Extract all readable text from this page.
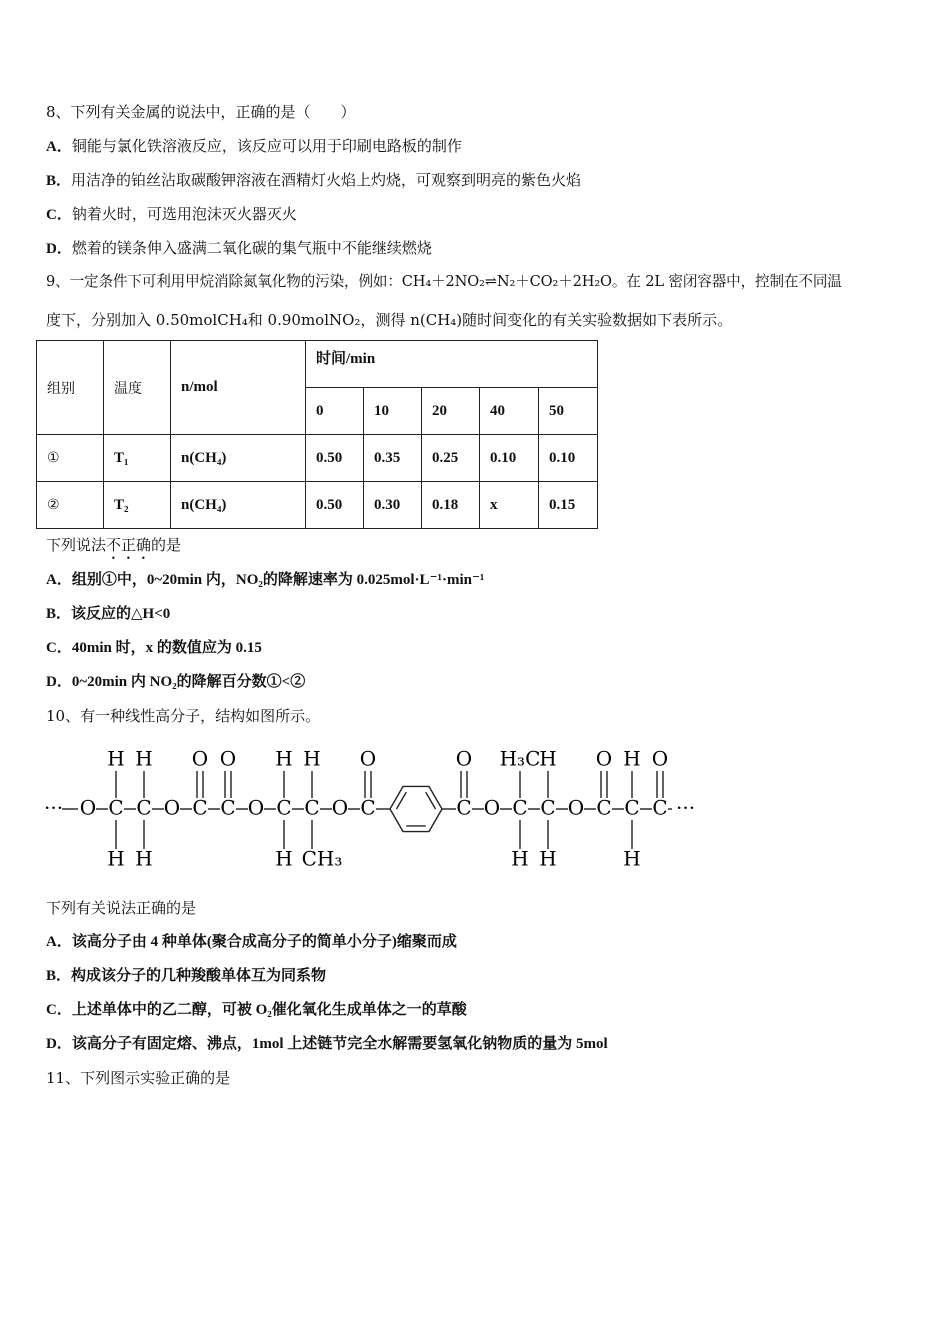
8、下列有关金属的说法中，正确的是（　　）
A．铜能与氯化铁溶液反应，该反应可以用于印刷电路板的制作
B．用洁净的铂丝沾取碳酸钾溶液在酒精灯火焰上灼烧，可观察到明亮的紫色火焰
C．钠着火时，可选用泡沫灭火器灭火
D．燃着的镁条伸入盛满二氧化碳的集气瓶中不能继续燃烧
9、一定条件下可利用甲烷消除氮氧化物的污染，例如：CH₄＋2NO₂⇌N₂＋CO₂＋2H₂O。在 2L 密闭容器中，控制在不同温
度下，分别加入 0.50molCH₄和 0.90molNO₂，测得 n(CH₄)随时间变化的有关实验数据如下表所示。
组别	温度	n/mol	时间/min				
			0	10	20	40	50
①	T₁	n(CH₄)	0.50	0.35	0.25	0.10	0.10
②	T₂	n(CH₄)	0.50	0.30	0.18	x	0.15
下列说法不正确的是
A．组别①中，0~20min 内，NO₂的降解速率为 0.025mol·L⁻¹·min⁻¹
B．该反应的△H<0
C．40min 时，x 的数值应为 0.15
D．0~20min 内 NO₂的降解百分数①<②
10、有一种线性高分子，结构如图所示。
···	···
O C C O C C O C C O C	C O C C O C C C
H H O O H H O	O H₃C
H O H O
H H	H CH₃	H H	H
下列有关说法正确的是
A．该高分子由 4 种单体(聚合成高分子的简单小分子)缩聚而成
B．构成该分子的几种羧酸单体互为同系物
C．上述单体中的乙二醇，可被 O₂催化氧化生成单体之一的草酸
D．该高分子有固定熔、沸点，1mol 上述链节完全水解需要氢氧化钠物质的量为 5mol
11、下列图示实验正确的是
